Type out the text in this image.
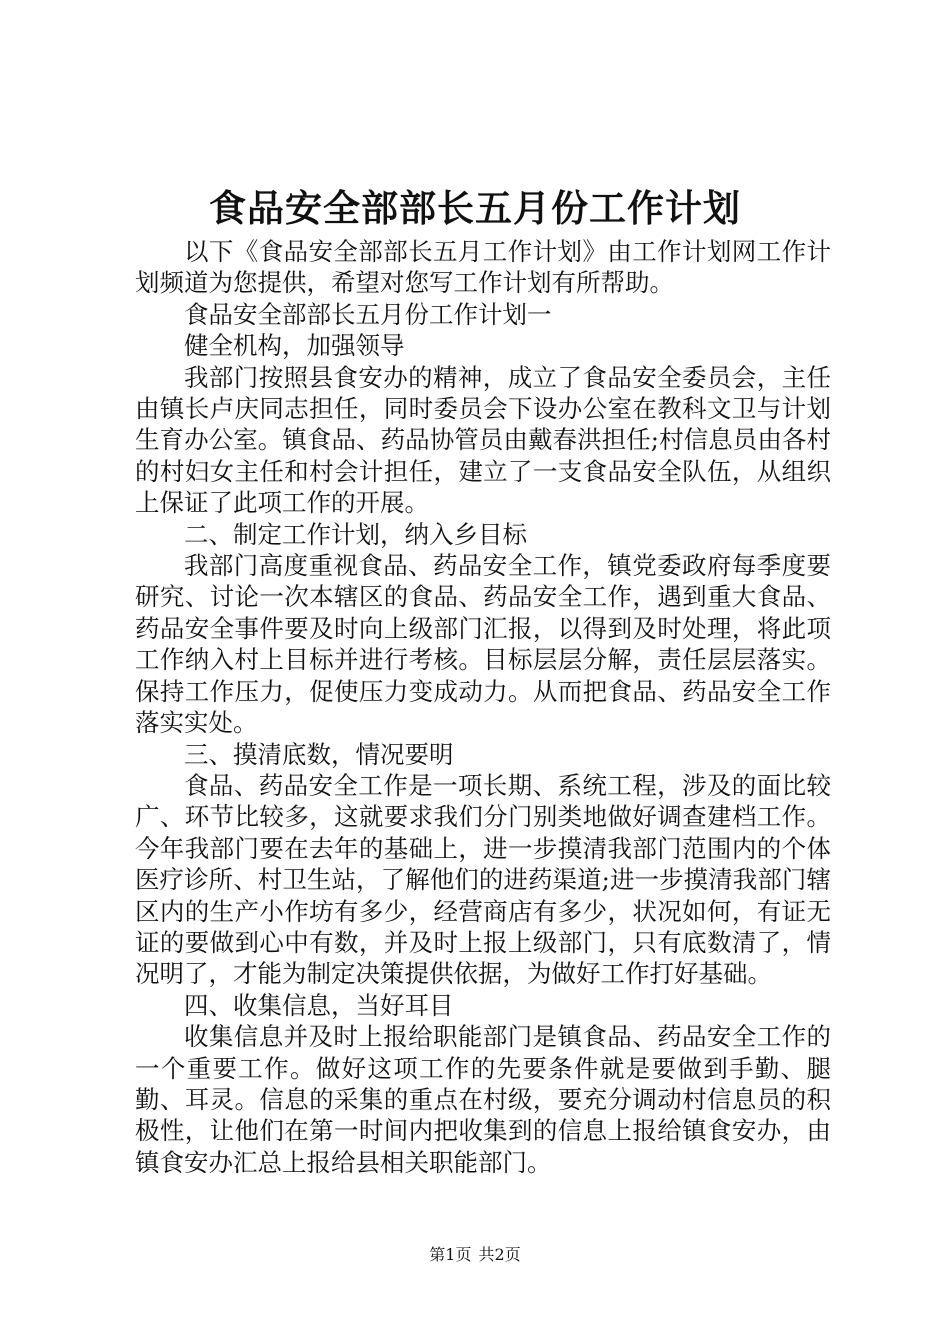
食品安全部部长五月份工作计划

以下《食品安全部部长五月工作计划》由工作计划网工作计划频道为您提供，希望对您写工作计划有所帮助。

食品安全部部长五月份工作计划一

健全机构，加强领导

我部门按照县食安办的精神，成立了食品安全委员会，主任由镇长卢庆同志担任，同时委员会下设办公室在教科文卫与计划生育办公室。镇食品、药品协管员由戴春洪担任;村信息员由各村的村妇女主任和村会计担任，建立了一支食品安全队伍，从组织上保证了此项工作的开展。

二、制定工作计划，纳入乡目标

我部门高度重视食品、药品安全工作，镇党委政府每季度要研究、讨论一次本辖区的食品、药品安全工作，遇到重大食品、药品安全事件要及时向上级部门汇报，以得到及时处理，将此项工作纳入村上目标并进行考核。目标层层分解，责任层层落实。保持工作压力，促使压力变成动力。从而把食品、药品安全工作落实实处。

三、摸清底数，情况要明

食品、药品安全工作是一项长期、系统工程，涉及的面比较广、环节比较多，这就要求我们分门别类地做好调查建档工作。今年我部门要在去年的基础上，进一步摸清我部门范围内的个体医疗诊所、村卫生站，了解他们的进药渠道;进一步摸清我部门辖区内的生产小作坊有多少，经营商店有多少，状况如何，有证无证的要做到心中有数，并及时上报上级部门，只有底数清了，情况明了，才能为制定决策提供依据，为做好工作打好基础。

四、收集信息，当好耳目

收集信息并及时上报给职能部门是镇食品、药品安全工作的一个重要工作。做好这项工作的先要条件就是要做到手勤、腿勤、耳灵。信息的采集的重点在村级，要充分调动村信息员的积极性，让他们在第一时间内把收集到的信息上报给镇食安办，由镇食安办汇总上报给县相关职能部门。

第1页 共2页
